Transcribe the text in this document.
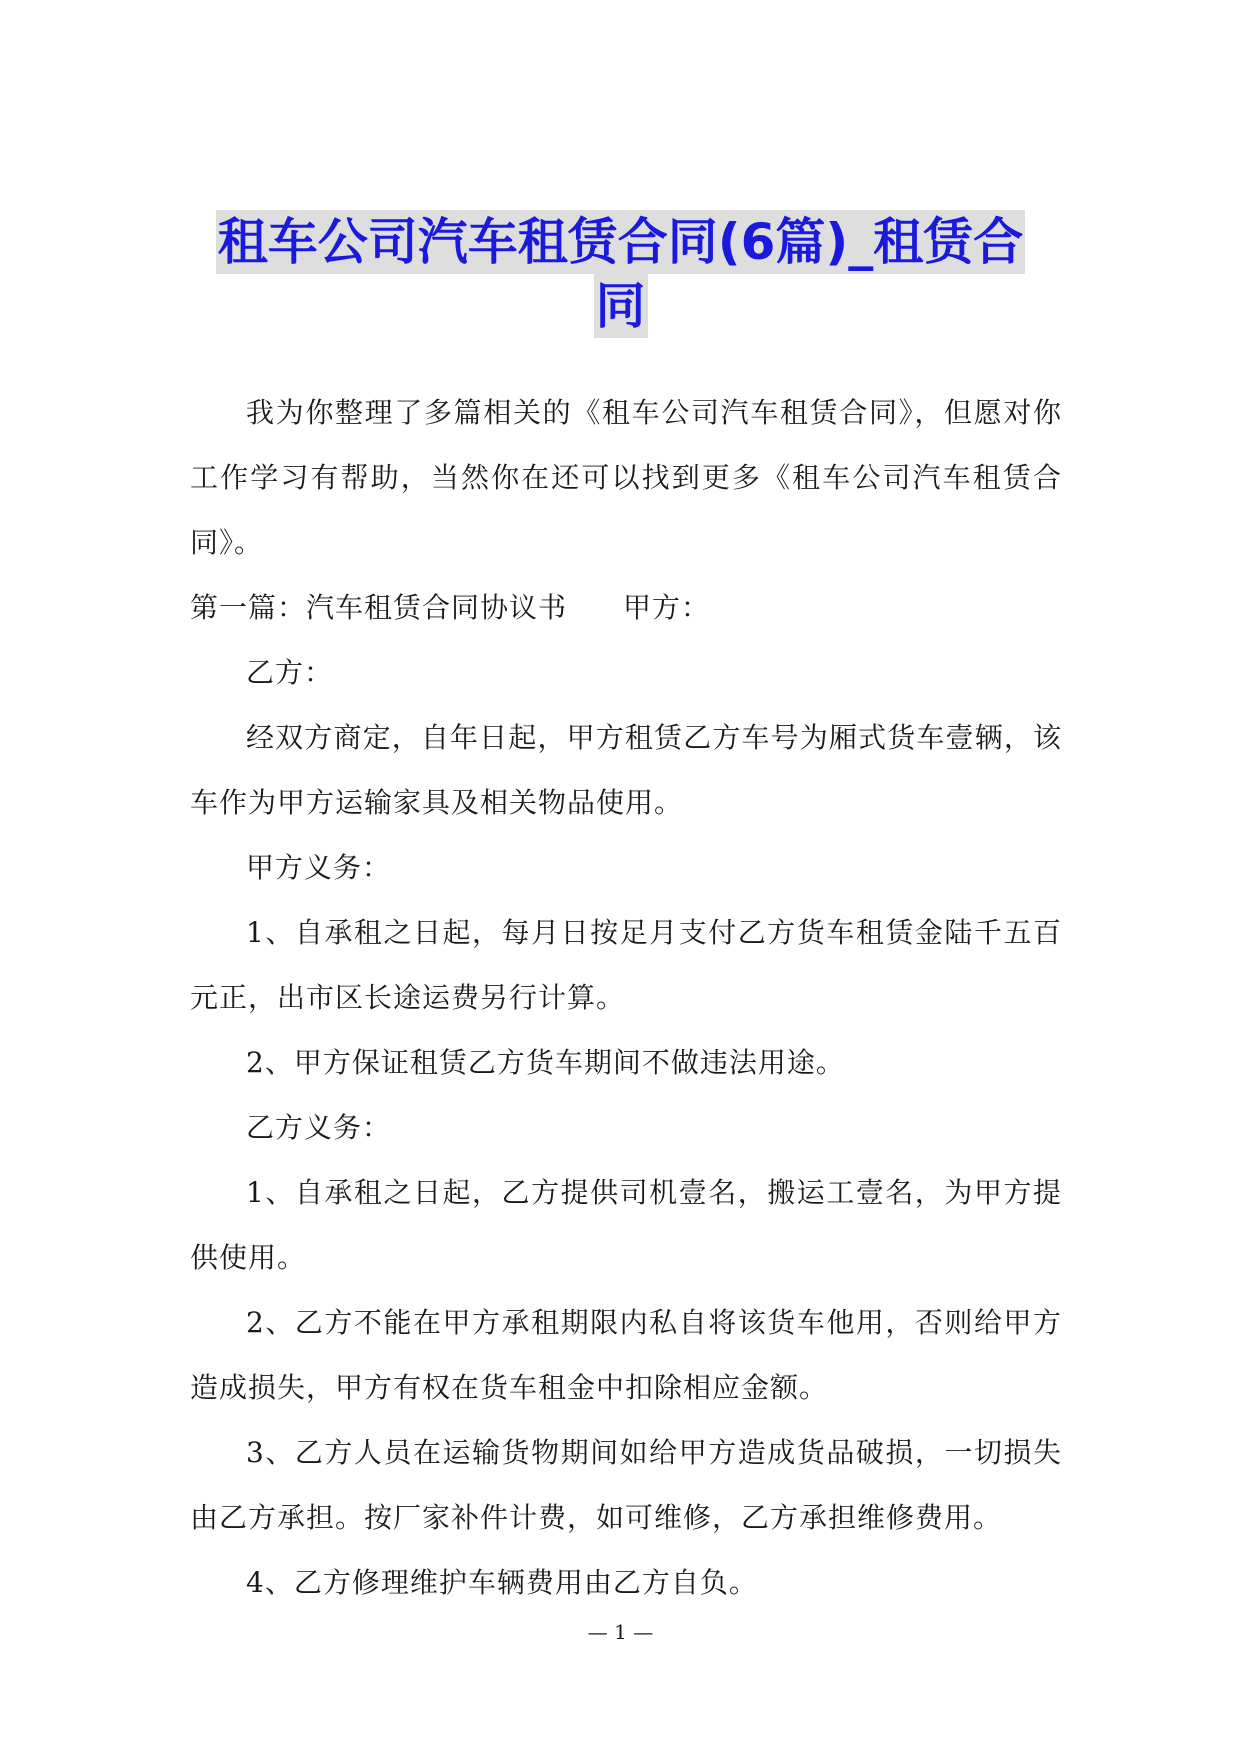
租车公司汽车租赁合同(6篇)_租赁合
同

我为你整理了多篇相关的《租车公司汽车租赁合同》，但愿对你工作学习有帮助，当然你在还可以找到更多《租车公司汽车租赁合同》。

第一篇：汽车租赁合同协议书 甲方：

乙方：

经双方商定，自年日起，甲方租赁乙方车号为厢式货车壹辆，该车作为甲方运输家具及相关物品使用。

甲方义务：

1、自承租之日起，每月日按足月支付乙方货车租赁金陆千五百元正，出市区长途运费另行计算。

2、甲方保证租赁乙方货车期间不做违法用途。

乙方义务：

1、自承租之日起，乙方提供司机壹名，搬运工壹名，为甲方提供使用。

2、乙方不能在甲方承租期限内私自将该货车他用，否则给甲方造成损失，甲方有权在货车租金中扣除相应金额。

3、乙方人员在运输货物期间如给甲方造成货品破损，一切损失由乙方承担。按厂家补件计费，如可维修，乙方承担维修费用。

4、乙方修理维护车辆费用由乙方自负。

— 1 —
